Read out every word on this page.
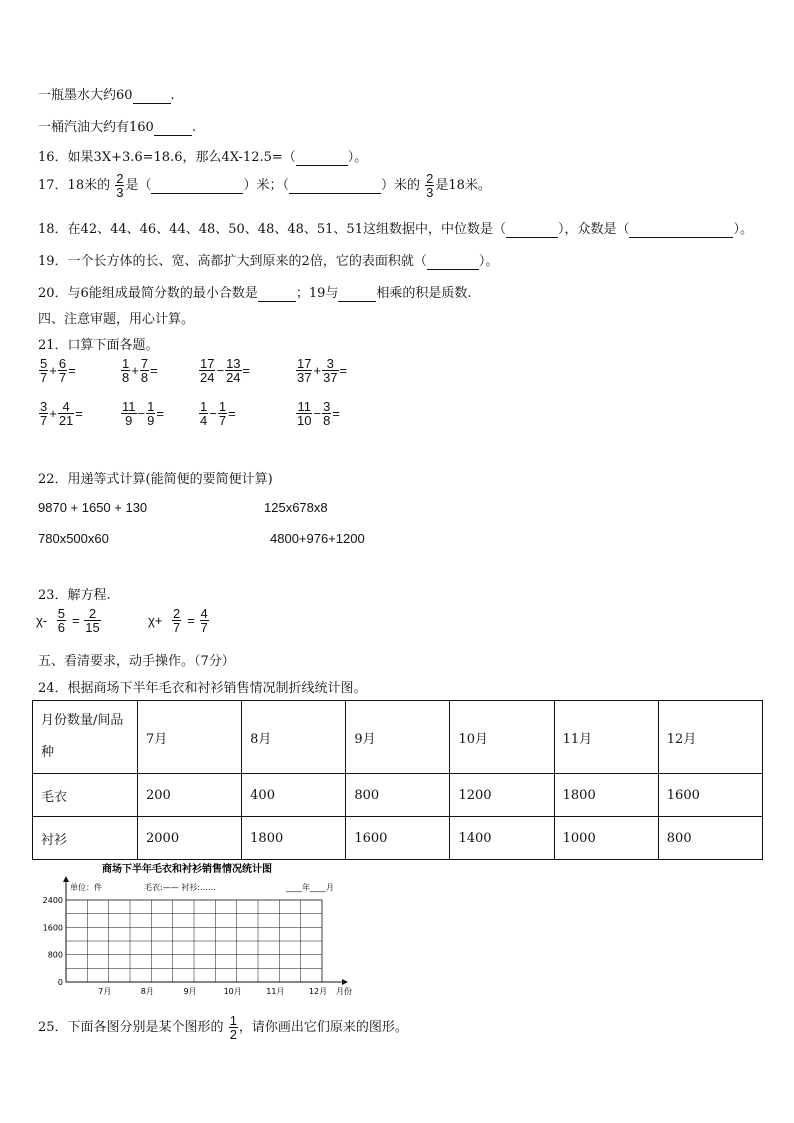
一瓶墨水大约60	.
一桶汽油大约有160	.
16．如果3X+3.6=18.6，那么4X-12.5=（	）。
17．18米的 $\frac{2}{3}$ 是（	）米；（	）米的 $\frac{2}{3}$ 是18米。
18．在42、44、46、44、48、50、48、48、51、51这组数据中，中位数是（	），众数是（	）。
19．一个长方体的长、宽、高都扩大到原来的2倍，它的表面积就（	）。
20．与6能组成最简分数的最小合数是	；19与	相乘的积是质数.
四、注意审题，用心计算。
21．口算下面各题。
$\frac{5}{7} + \frac{6}{7}$ =	$\frac{1}{8} + \frac{7}{8}$ =	$\frac{17}{24} - \frac{13}{24}$ =	$\frac{17}{37} + \frac{3}{37}$ =
$\frac{3}{7} + \frac{4}{21}$ =	$\frac{11}{9} - \frac{1}{9}$ =	$\frac{1}{4} - \frac{1}{7}$ =	$\frac{11}{10} - \frac{3}{8}$ =
22．用递等式计算(能简便的要简便计算)
9870 + 1650 + 130	125x678x8
780x500x60	4800+976+1200
23．解方程.
$\chi- \frac{5}{6} = \frac{2}{15}$	$\chi+ \frac{2}{7} = \frac{4}{7}$
五、看清要求，动手操作。（7分）
24．根据商场下半年毛衣和衬衫销售情况制折线统计图。
月份数量/间品
种	7月	8月	9月	10月	11月	12月
毛衣	200	400	800	1200	1800	1600
衬衫	2000	1800	1600	1400	1000	800
商场下半年毛衣和衬衫销售情况统计图
单位：件	毛衣:—— 衬衫:……	____年____月
2400
1600
800
0
7月	8月	9月	10月	11月	12月 月份
25．下面各图分别是某个图形的 $\frac{1}{2}$ ，请你画出它们原来的图形。
